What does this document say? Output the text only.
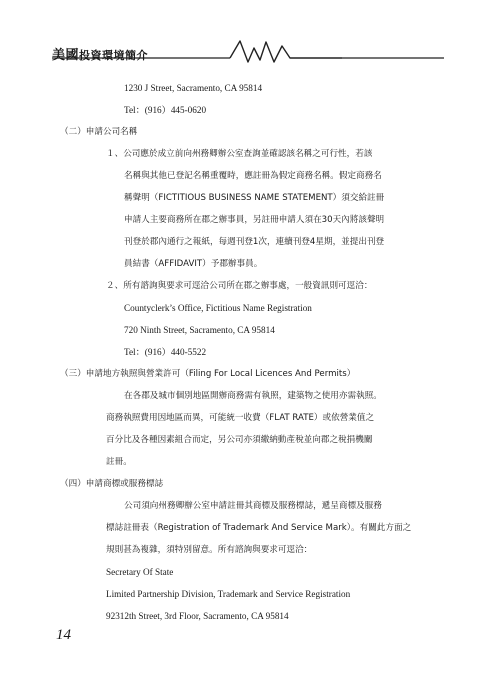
美國投資環境簡介
1230 J Street, Sacramento, CA 95814
Tel：(916）445-0620
（二）申請公司名稱
１、公司應於成立前向州務卿辦公室查詢並確認該名稱之可行性，若該
名稱與其他已登記名稱重覆時，應註冊為假定商務名稱。假定商務名
稱聲明（FICTITIOUS BUSINESS NAME STATEMENT）須交給註冊
申請人主要商務所在郡之辦事員，另註冊申請人須在30天內將該聲明
刊登於郡內通行之報紙，每週刊登1次，連續刊登4星期，並提出刊登
員結書（AFFIDAVIT）予郡辦事員。
２、所有諮詢與要求可逕洽公司所在郡之辦事處，一般資訊則可逕洽：
Countyclerk’s Office, Fictitious Name Registration
720 Ninth Street, Sacramento, CA 95814
Tel：(916）440-5522
（三）申請地方執照與營業許可（Filing For Local Licences And Permits）
在各郡及城市個別地區開辦商務需有執照，建築物之使用亦需執照。
商務執照費用因地區而異，可能統一收費（FLAT RATE）或依營業值之
百分比及各種因素組合而定，另公司亦須繳納動產稅並向郡之稅捐機關
註冊。
（四）申請商標或服務標誌
公司須向州務卿辦公室申請註冊其商標及服務標誌，遞呈商標及服務
標誌註冊表（Registration of Trademark And Service Mark）。有關此方面之
規則甚為複雜，須特別留意。所有諮詢與要求可逕洽：
Secretary Of State
Limited Partnership Division, Trademark and Service Registration
92312th Street, 3rd Floor, Sacramento, CA 95814
14
